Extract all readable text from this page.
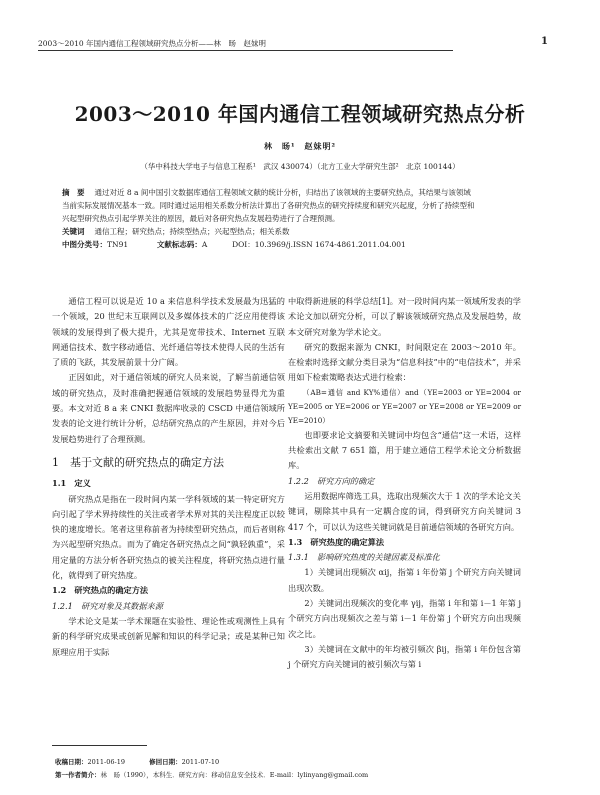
2003～2010 年国内通信工程领域研究热点分析——林　旸　赵妹明	1
2003～2010 年国内通信工程领域研究热点分析
林　旸¹　赵妹明²
（华中科技大学电子与信息工程系¹　武汉 430074）（北方工业大学研究生部²　北京 100144）
摘　要 通过对近 8 a 间中国引文数据库通信工程领域文献的统计分析，归结出了该领域的主要研究热点，其结果与该领域当前实际发展情况基本一致。同时通过运用相关系数分析法计算出了各研究热点的研究持续度和研究兴起度，分析了持续型和兴起型研究热点引起学界关注的原因，最后对各研究热点发展趋势进行了合理预测。
关键词 通信工程；研究热点；持续型热点；兴起型热点；相关系数
中图分类号：TN91	文献标志码：A	DOI：10.3969/j.ISSN 1674-4861.2011.04.001

通信工程可以说是近 10 a 来信息科学技术发展最为迅猛的一个领域，20 世纪末互联网以及多媒体技术的广泛应用使得该领域的发展得到了极大提升，尤其是宽带技术、Internet 互联网通信技术、数字移动通信、光纤通信等技术使得人民的生活有了质的飞跃，其发展前景十分广阔。

正因如此，对于通信领域的研究人员来说，了解当前通信领域的研究热点，及时准确把握通信领域的发展趋势显得尤为重要。本文对近 8 a 来 CNKI 数据库收录的 CSCD 中通信领域所发表的论文进行统计分析，总结研究热点的产生原因，并对今后发展趋势进行了合理预测。

1　基于文献的研究热点的确定方法
1.1　定义

研究热点是指在一段时间内某一学科领域的某一特定研究方向引起了学术界持续性的关注或者学术界对其的关注程度正以较快的速度增长。笔者这里称前者为持续型研究热点，而后者则称为兴起型研究热点。而为了确定各研究热点之间“孰轻孰重”，采用定量的方法分析各研究热点的被关注程度，将研究热点进行量化，就得到了研究热度。

1.2　研究热点的确定方法
1.2.1　研究对象及其数据来源

学术论文是某一学术课题在实验性、理论性或观测性上具有新的科学研究成果或创新见解和知识的科学记录；或是某种已知原理应用于实际

中取得新进展的科学总结[1]。对一段时间内某一领域所发表的学术论文加以研究分析，可以了解该领域研究热点及发展趋势，故本文研究对象为学术论文。

研究的数据来源为 CNKI，时间限定在 2003～2010 年。在检索时选择文献分类目录为“信息科技”中的“电信技术”，并采用如下检索策略表达式进行检索：

（AB=通信 and KY%通信）and（YE=2003 or YE=2004 or YE=2005 or YE=2006 or YE=2007 or YE=2008 or YE=2009 or YE=2010）

也即要求论文摘要和关键词中均包含“通信”这一术语，这样共检索出文献 7 651 篇，用于建立通信工程学术论文分析数据库。

1.2.2　研究方向的确定

运用数据库筛选工具，选取出现频次大于 1 次的学术论文关键词，剔除其中具有一定耦合度的词，得到研究方向关键词 3 417 个，可以认为这些关键词就是目前通信领域的各研究方向。

1.3　研究热度的确定算法
1.3.1　影响研究热度的关键因素及标准化

1）关键词出现频次 αij，指第 i 年份第 j 个研究方向关键词出现次数。

2）关键词出现频次的变化率 γij，指第 i 年和第 i－1 年第 j 个研究方向出现频次之差与第 i－1 年份第 j 个研究方向出现频次之比。

3）关键词在文献中的年均被引频次 βij，指第 i 年份包含第 j 个研究方向关键词的被引频次与第 i

收稿日期：2011-06-19	修回日期：2011-07-10
第一作者简介：林　旸（1990），本科生．研究方向：移动信息安全技术．E-mail：lylinyang@gmail.com
